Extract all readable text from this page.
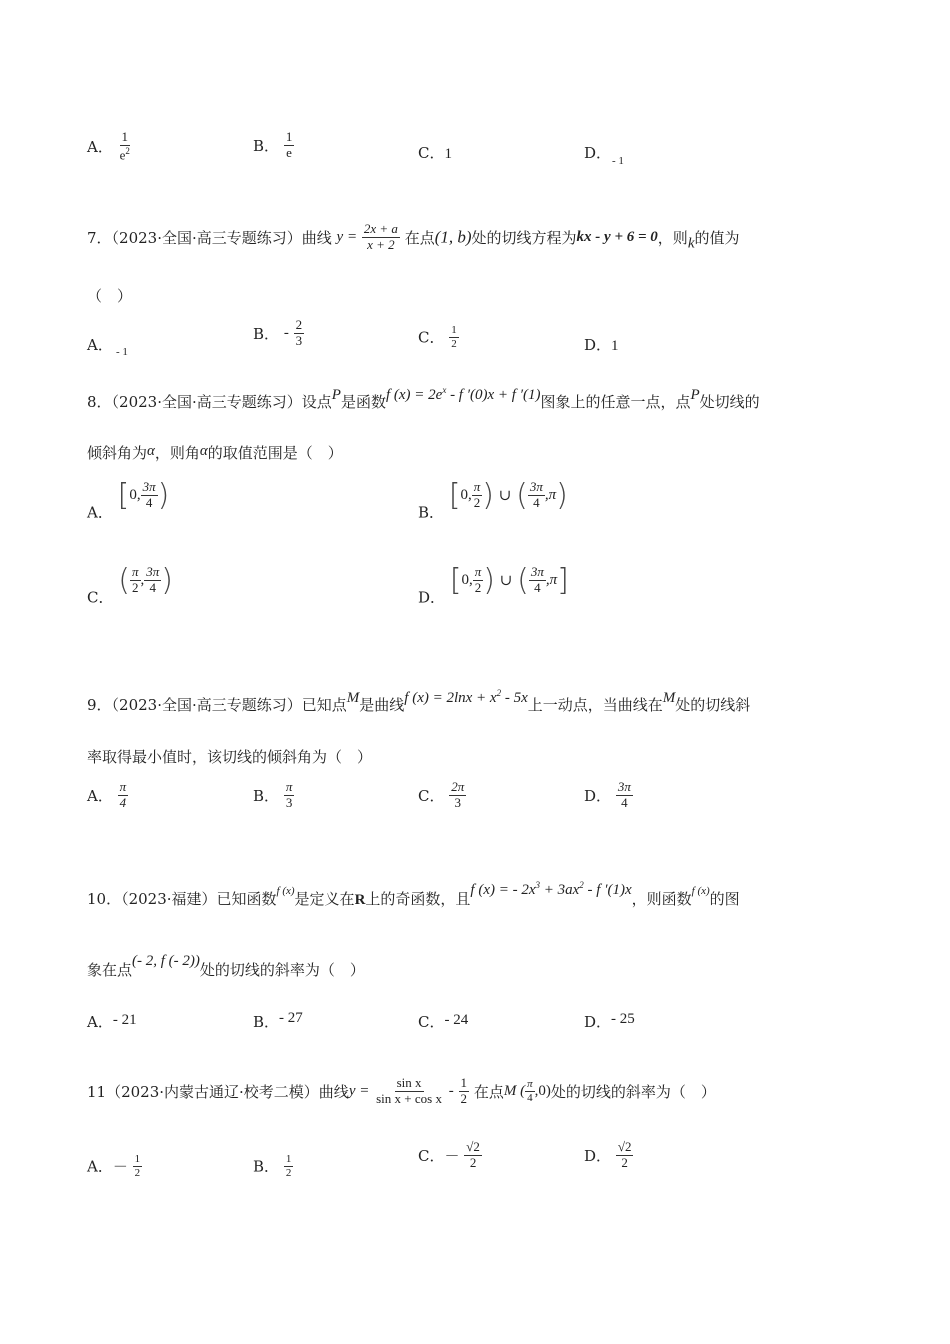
A． $\frac{1}{e^2}$	B． $\frac{1}{e}$	C．1	D． - 1
7．（2023·全国·高三专题练习）曲线 $y = \frac{2x + a}{x + 2}$ 在点(1, b)处的切线方程为kx - y + 6 = 0，则k的值为
（　）
A． - 1
B． - $\frac{2}{3}$	C． $\frac{1}{2}$	D．1
8．（2023·全国·高三专题练习）设点P是函数f $(x) = 2e^x - f$ ′(0)x + f ′(1)图象上的任意一点，点P处切线的
倾斜角为α，则角α的取值范围是（　）
A． [0, $\frac{3\pi}{4}$ )	B． [0, $\frac{\pi}{2}$ ) ∪ ( $\frac{3\pi}{4} ,\pi$)
C． ( $\frac{\pi}{2}$ , $\frac{3\pi}{4}$ )	D． [0, $\frac{\pi}{2}$ ) ∪ ( $\frac{3\pi}{4} ,\pi$]
9．（2023·全国·高三专题练习）已知点M是曲线f $(x) = 2\ln x + x^2 - 5x$上一动点，当曲线在M处的切线斜
率取得最小值时，该切线的倾斜角为（　）
A． $\frac{\pi}{4}$	B． $\frac{\pi}{3}$	C． $\frac{2\pi}{3}$	D． $\frac{3\pi}{4}$
10．（2023·福建）已知函数$^{f (x)}$是定义在R上的奇函数，且f (x) = - $2x^3 + 3ax^2 - f$ ′(1)x，则函数$^{f (x)}$的图
象在点(- 2, f (- 2))处的切线的斜率为（　）
A．- 21	B．- 27	C．- 24	D．- 25
11（2023·内蒙古通辽·校考二模）曲线$y = \frac{\text{sin x}}{\text{sin x + cos x}} - \frac{1}{2}$ 在点M ( $\frac{\pi}{4} ,0$)处的切线的斜率为（　）
A．－ $\frac{1}{2}$	B． $\frac{1}{2}$	C．－ $\frac{√2}{2}$	D． $\frac{√2}{2}$
